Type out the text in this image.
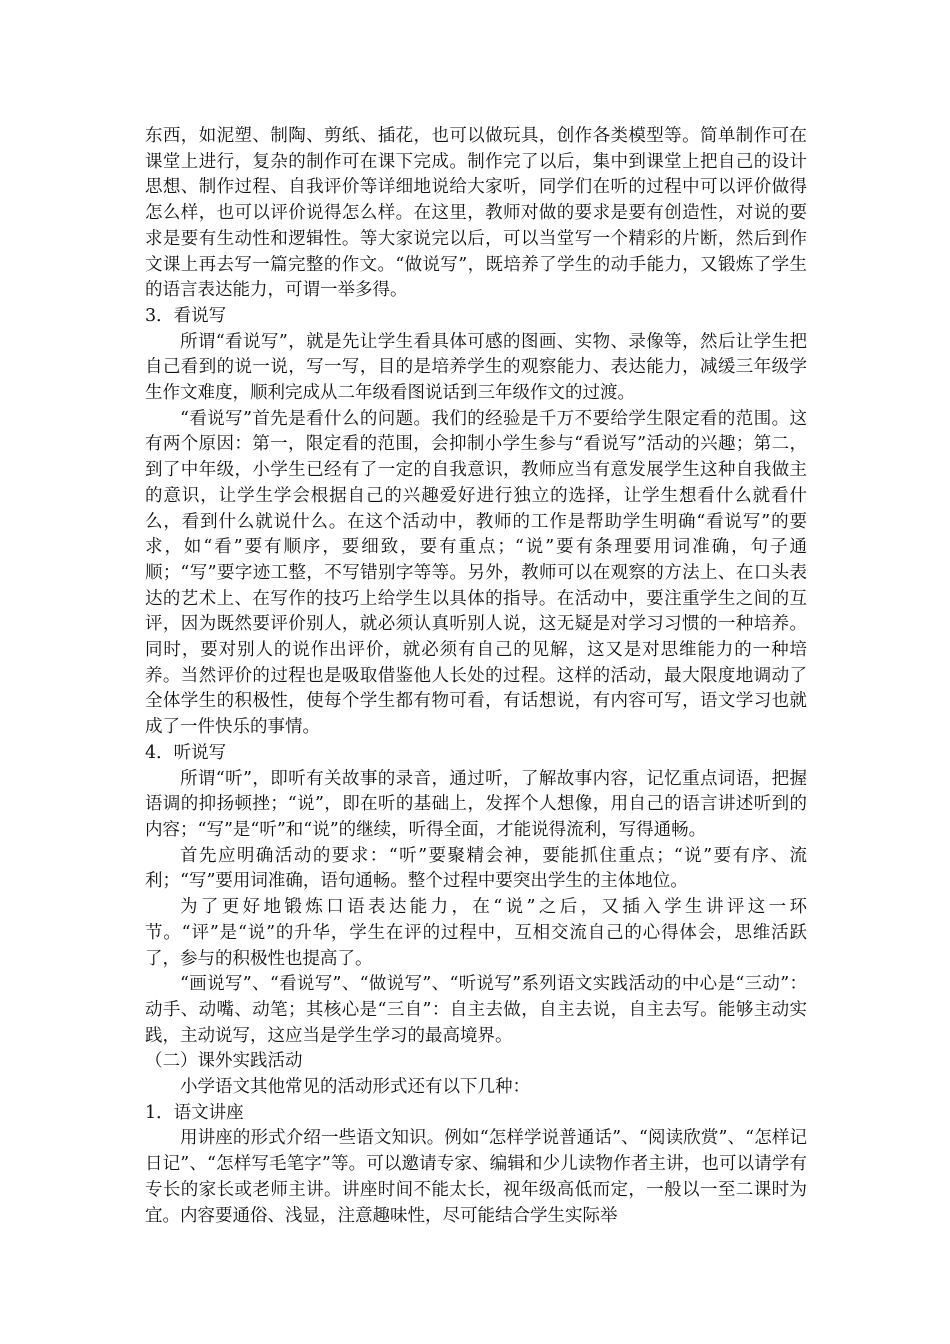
东西，如泥塑、制陶、剪纸、插花，也可以做玩具，创作各类模型等。简单制作可在课堂上进行，复杂的制作可在课下完成。制作完了以后，集中到课堂上把自己的设计思想、制作过程、自我评价等详细地说给大家听，同学们在听的过程中可以评价做得怎么样，也可以评价说得怎么样。在这里，教师对做的要求是要有创造性，对说的要求是要有生动性和逻辑性。等大家说完以后，可以当堂写一个精彩的片断，然后到作文课上再去写一篇完整的作文。“做说写”，既培养了学生的动手能力，又锻炼了学生的语言表达能力，可谓一举多得。

3．看说写

所谓“看说写”，就是先让学生看具体可感的图画、实物、录像等，然后让学生把自己看到的说一说，写一写，目的是培养学生的观察能力、表达能力，减缓三年级学生作文难度，顺利完成从二年级看图说话到三年级作文的过渡。

“看说写”首先是看什么的问题。我们的经验是千万不要给学生限定看的范围。这有两个原因：第一，限定看的范围，会抑制小学生参与“看说写”活动的兴趣；第二，到了中年级，小学生已经有了一定的自我意识，教师应当有意发展学生这种自我做主的意识，让学生学会根据自己的兴趣爱好进行独立的选择，让学生想看什么就看什么，看到什么就说什么。在这个活动中，教师的工作是帮助学生明确“看说写”的要求，如“看”要有顺序，要细致，要有重点；“说”要有条理要用词准确，句子通顺；“写”要字迹工整，不写错别字等等。另外，教师可以在观察的方法上、在口头表达的艺术上、在写作的技巧上给学生以具体的指导。在活动中，要注重学生之间的互评，因为既然要评价别人，就必须认真听别人说，这无疑是对学习习惯的一种培养。同时，要对别人的说作出评价，就必须有自己的见解，这又是对思维能力的一种培养。当然评价的过程也是吸取借鉴他人长处的过程。这样的活动，最大限度地调动了全体学生的积极性，使每个学生都有物可看，有话想说，有内容可写，语文学习也就成了一件快乐的事情。

4．听说写

所谓“听”，即听有关故事的录音，通过听，了解故事内容，记忆重点词语，把握语调的抑扬顿挫；“说”，即在听的基础上，发挥个人想像，用自己的语言讲述听到的内容；“写”是“听”和“说”的继续，听得全面，才能说得流利，写得通畅。

首先应明确活动的要求：“听”要聚精会神，要能抓住重点；“说”要有序、流利；“写”要用词准确，语句通畅。整个过程中要突出学生的主体地位。

为了更好地锻炼口语表达能力，在“说”之后，又插入学生讲评这一环节。“评”是“说”的升华，学生在评的过程中，互相交流自己的心得体会，思维活跃了，参与的积极性也提高了。

“画说写”、“看说写”、“做说写”、“听说写”系列语文实践活动的中心是“三动”：动手、动嘴、动笔；其核心是“三自”：自主去做，自主去说，自主去写。能够主动实践，主动说写，这应当是学生学习的最高境界。

（二）课外实践活动

小学语文其他常见的活动形式还有以下几种：

1．语文讲座

用讲座的形式介绍一些语文知识。例如“怎样学说普通话”、“阅读欣赏”、“怎样记日记”、“怎样写毛笔字”等。可以邀请专家、编辑和少儿读物作者主讲，也可以请学有专长的家长或老师主讲。讲座时间不能太长，视年级高低而定，一般以一至二课时为宜。内容要通俗、浅显，注意趣味性，尽可能结合学生实际举
